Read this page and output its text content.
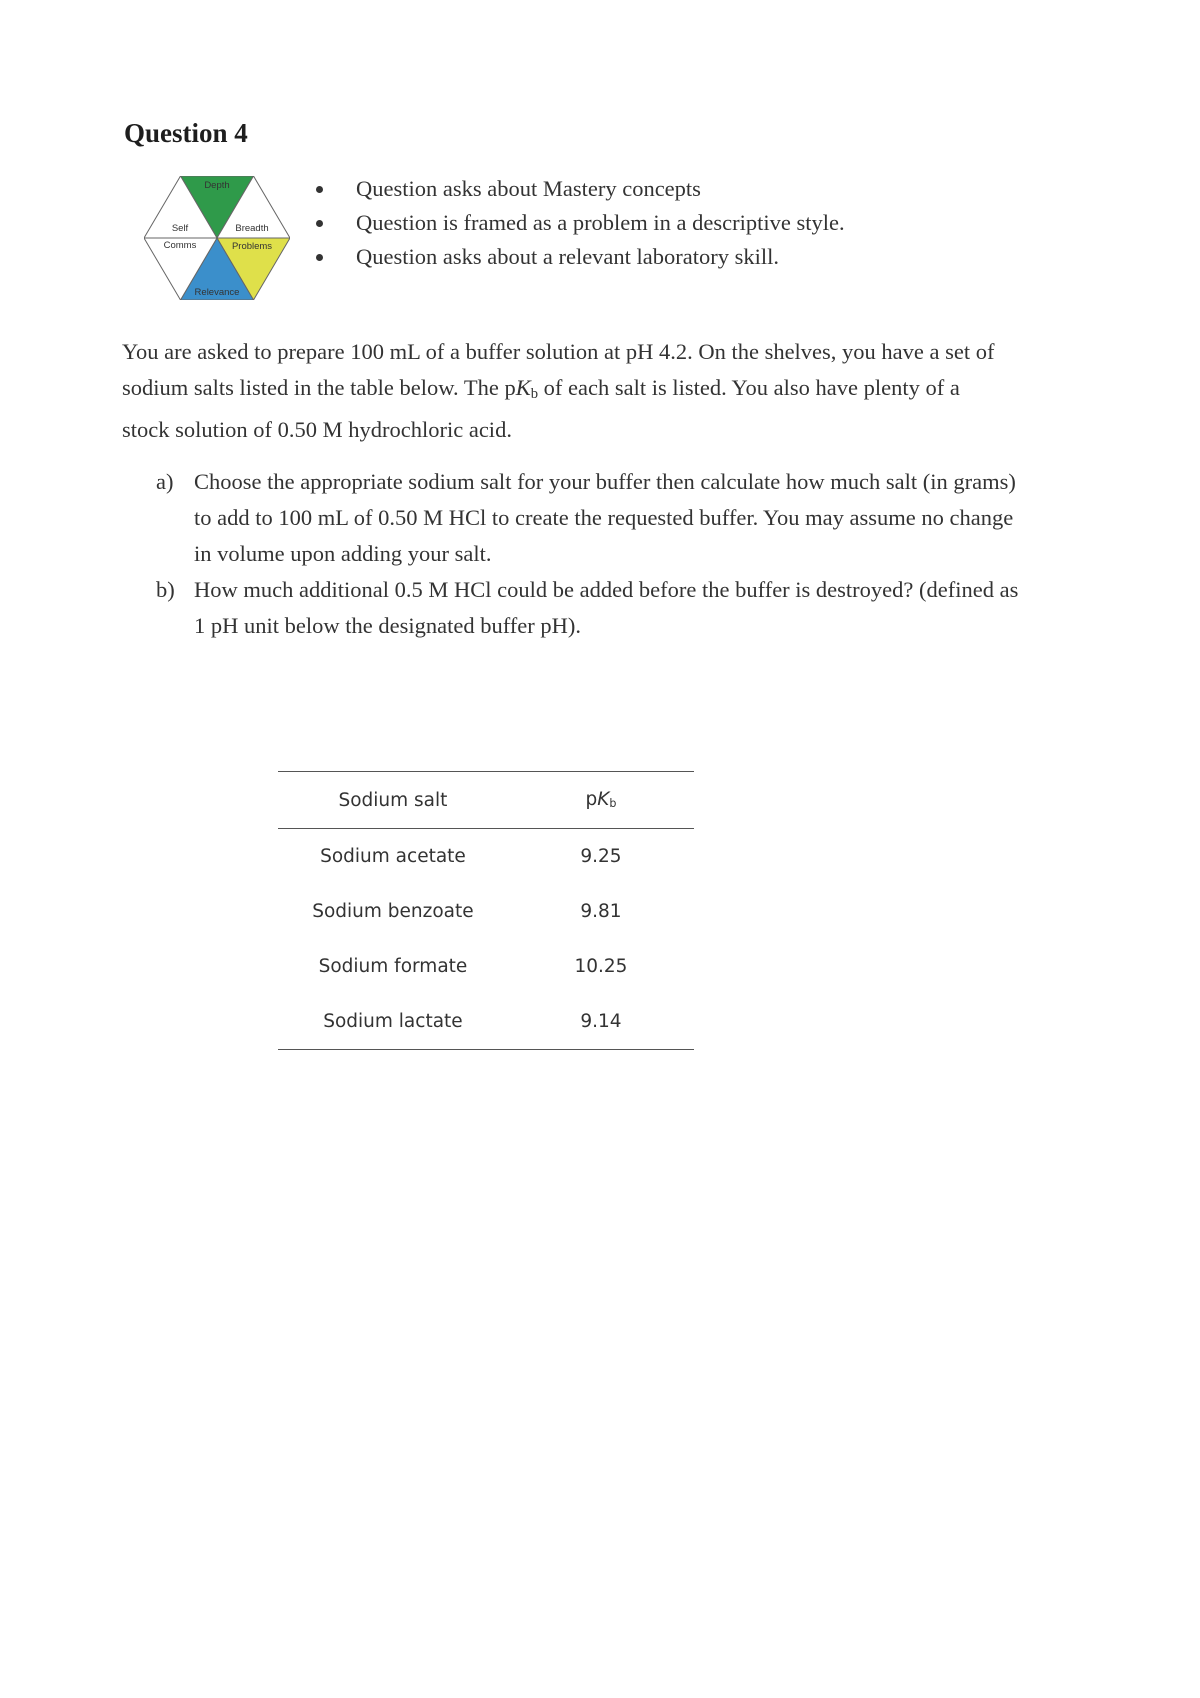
Question 4
Depth
Breadth
Problems
Relevance
Self
Comms
Question asks about Mastery concepts
Question is framed as a problem in a descriptive style.
Question asks about a relevant laboratory skill.

You are asked to prepare 100 mL of a buffer solution at pH 4.2. On the shelves, you have a set of

sodium salts listed in the table below. The $pK_b$ of each salt is listed. You also have plenty of a

stock solution of 0.50 M hydrochloric acid.

a) Choose the appropriate sodium salt for your buffer then calculate how much salt (in grams)

to add to 100 mL of 0.50 M HCl to create the requested buffer. You may assume no change

in volume upon adding your salt.

b) How much additional 0.5 M HCl could be added before the buffer is destroyed? (defined as

1 pH unit below the designated buffer pH).

Sodium salt	$pK_b$
Sodium acetate	9.25
Sodium benzoate	9.81
Sodium formate	10.25
Sodium lactate	9.14
